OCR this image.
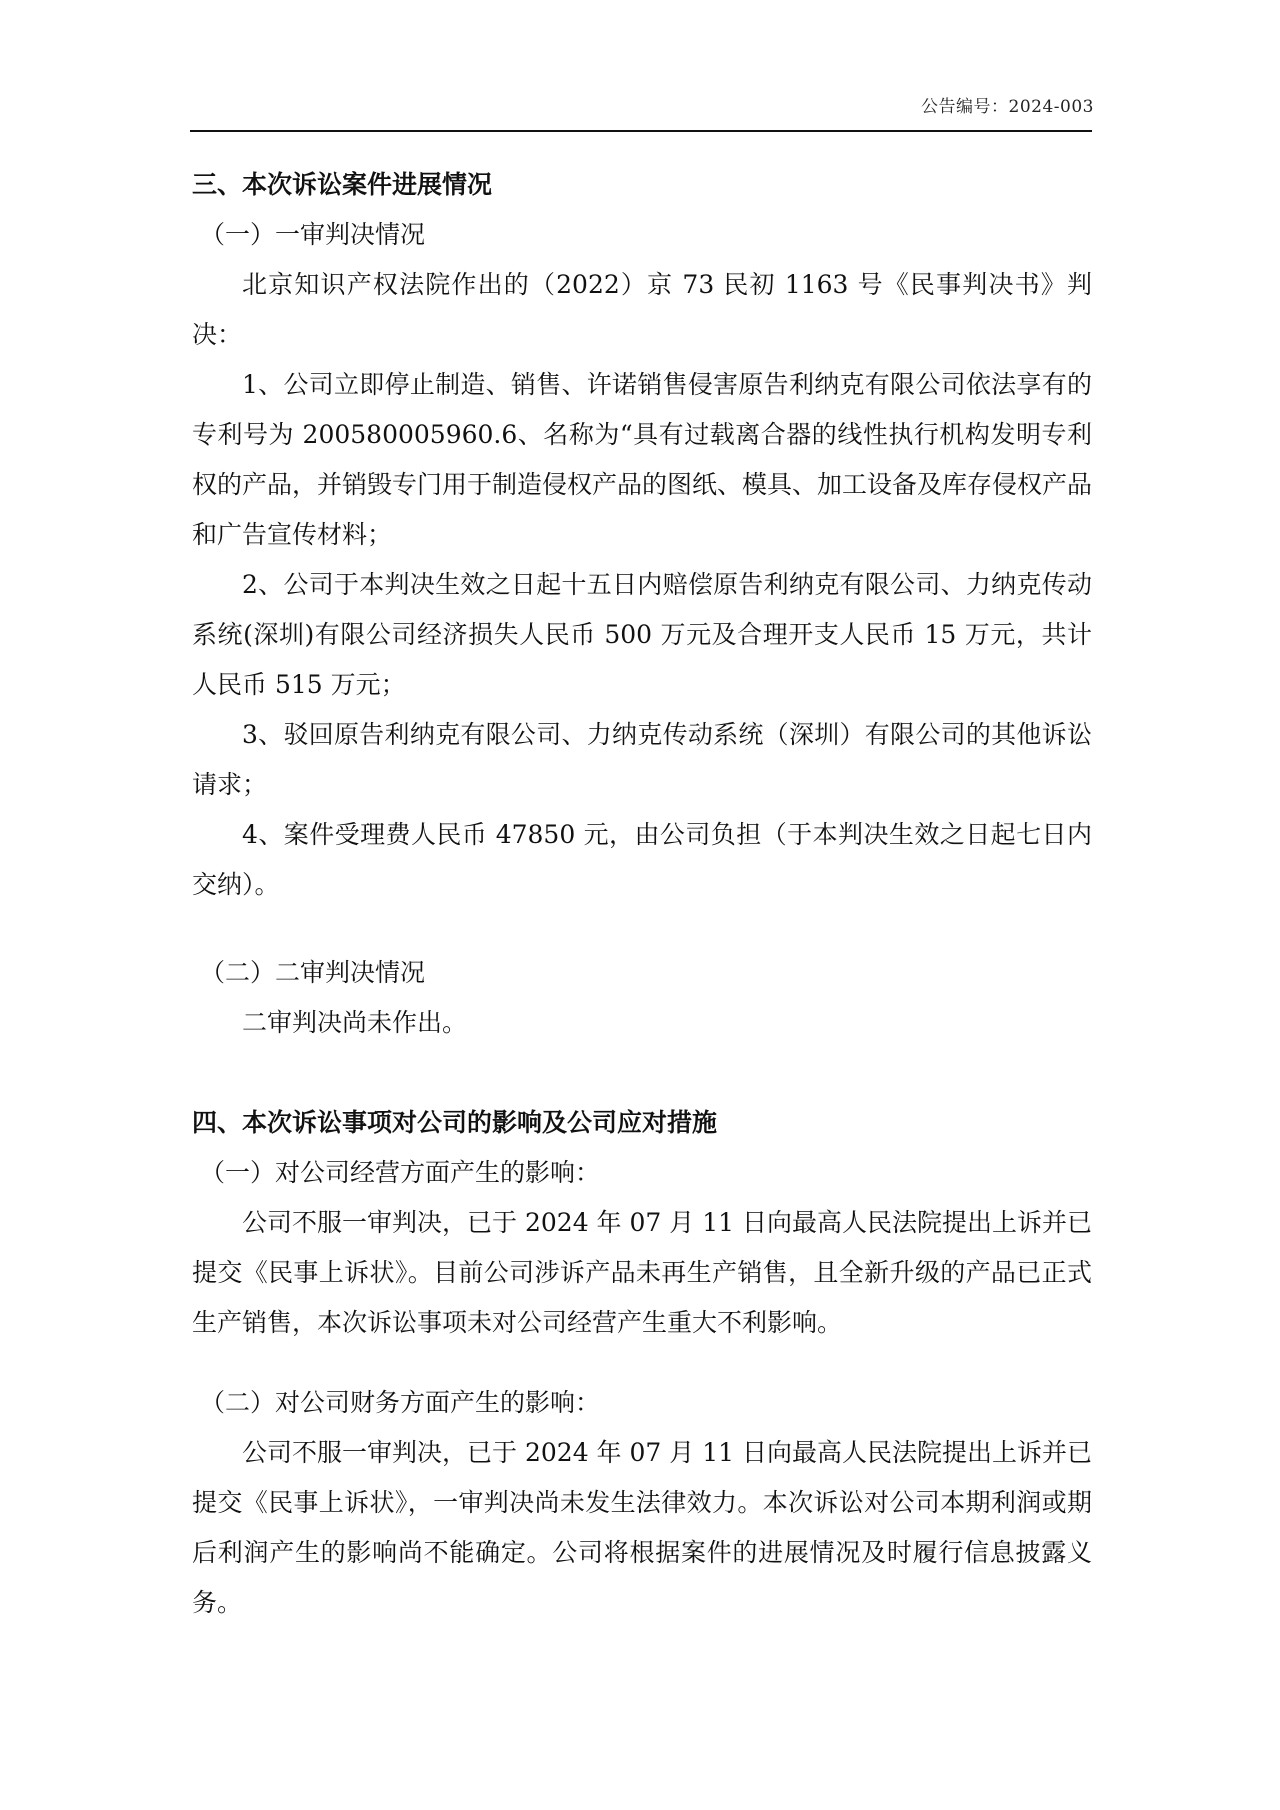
公告编号：2024-003

三、本次诉讼案件进展情况

（一）一审判决情况

北京知识产权法院作出的（2022）京 73 民初 1163 号《民事判决书》判决：

1、公司立即停止制造、销售、许诺销售侵害原告利纳克有限公司依法享有的专利号为 200580005960.6、名称为“具有过载离合器的线性执行机构发明专利权的产品，并销毁专门用于制造侵权产品的图纸、模具、加工设备及库存侵权产品和广告宣传材料；

2、公司于本判决生效之日起十五日内赔偿原告利纳克有限公司、力纳克传动系统(深圳)有限公司经济损失人民币 500 万元及合理开支人民币 15 万元，共计人民币 515 万元；

3、驳回原告利纳克有限公司、力纳克传动系统（深圳）有限公司的其他诉讼请求；

4、案件受理费人民币 47850 元，由公司负担（于本判决生效之日起七日内交纳）。

（二）二审判决情况

二审判决尚未作出。

四、本次诉讼事项对公司的影响及公司应对措施

（一）对公司经营方面产生的影响：

公司不服一审判决，已于 2024 年 07 月 11 日向最高人民法院提出上诉并已提交《民事上诉状》。目前公司涉诉产品未再生产销售，且全新升级的产品已正式生产销售，本次诉讼事项未对公司经营产生重大不利影响。

（二）对公司财务方面产生的影响：

公司不服一审判决，已于 2024 年 07 月 11 日向最高人民法院提出上诉并已提交《民事上诉状》，一审判决尚未发生法律效力。本次诉讼对公司本期利润或期后利润产生的影响尚不能确定。公司将根据案件的进展情况及时履行信息披露义务。
